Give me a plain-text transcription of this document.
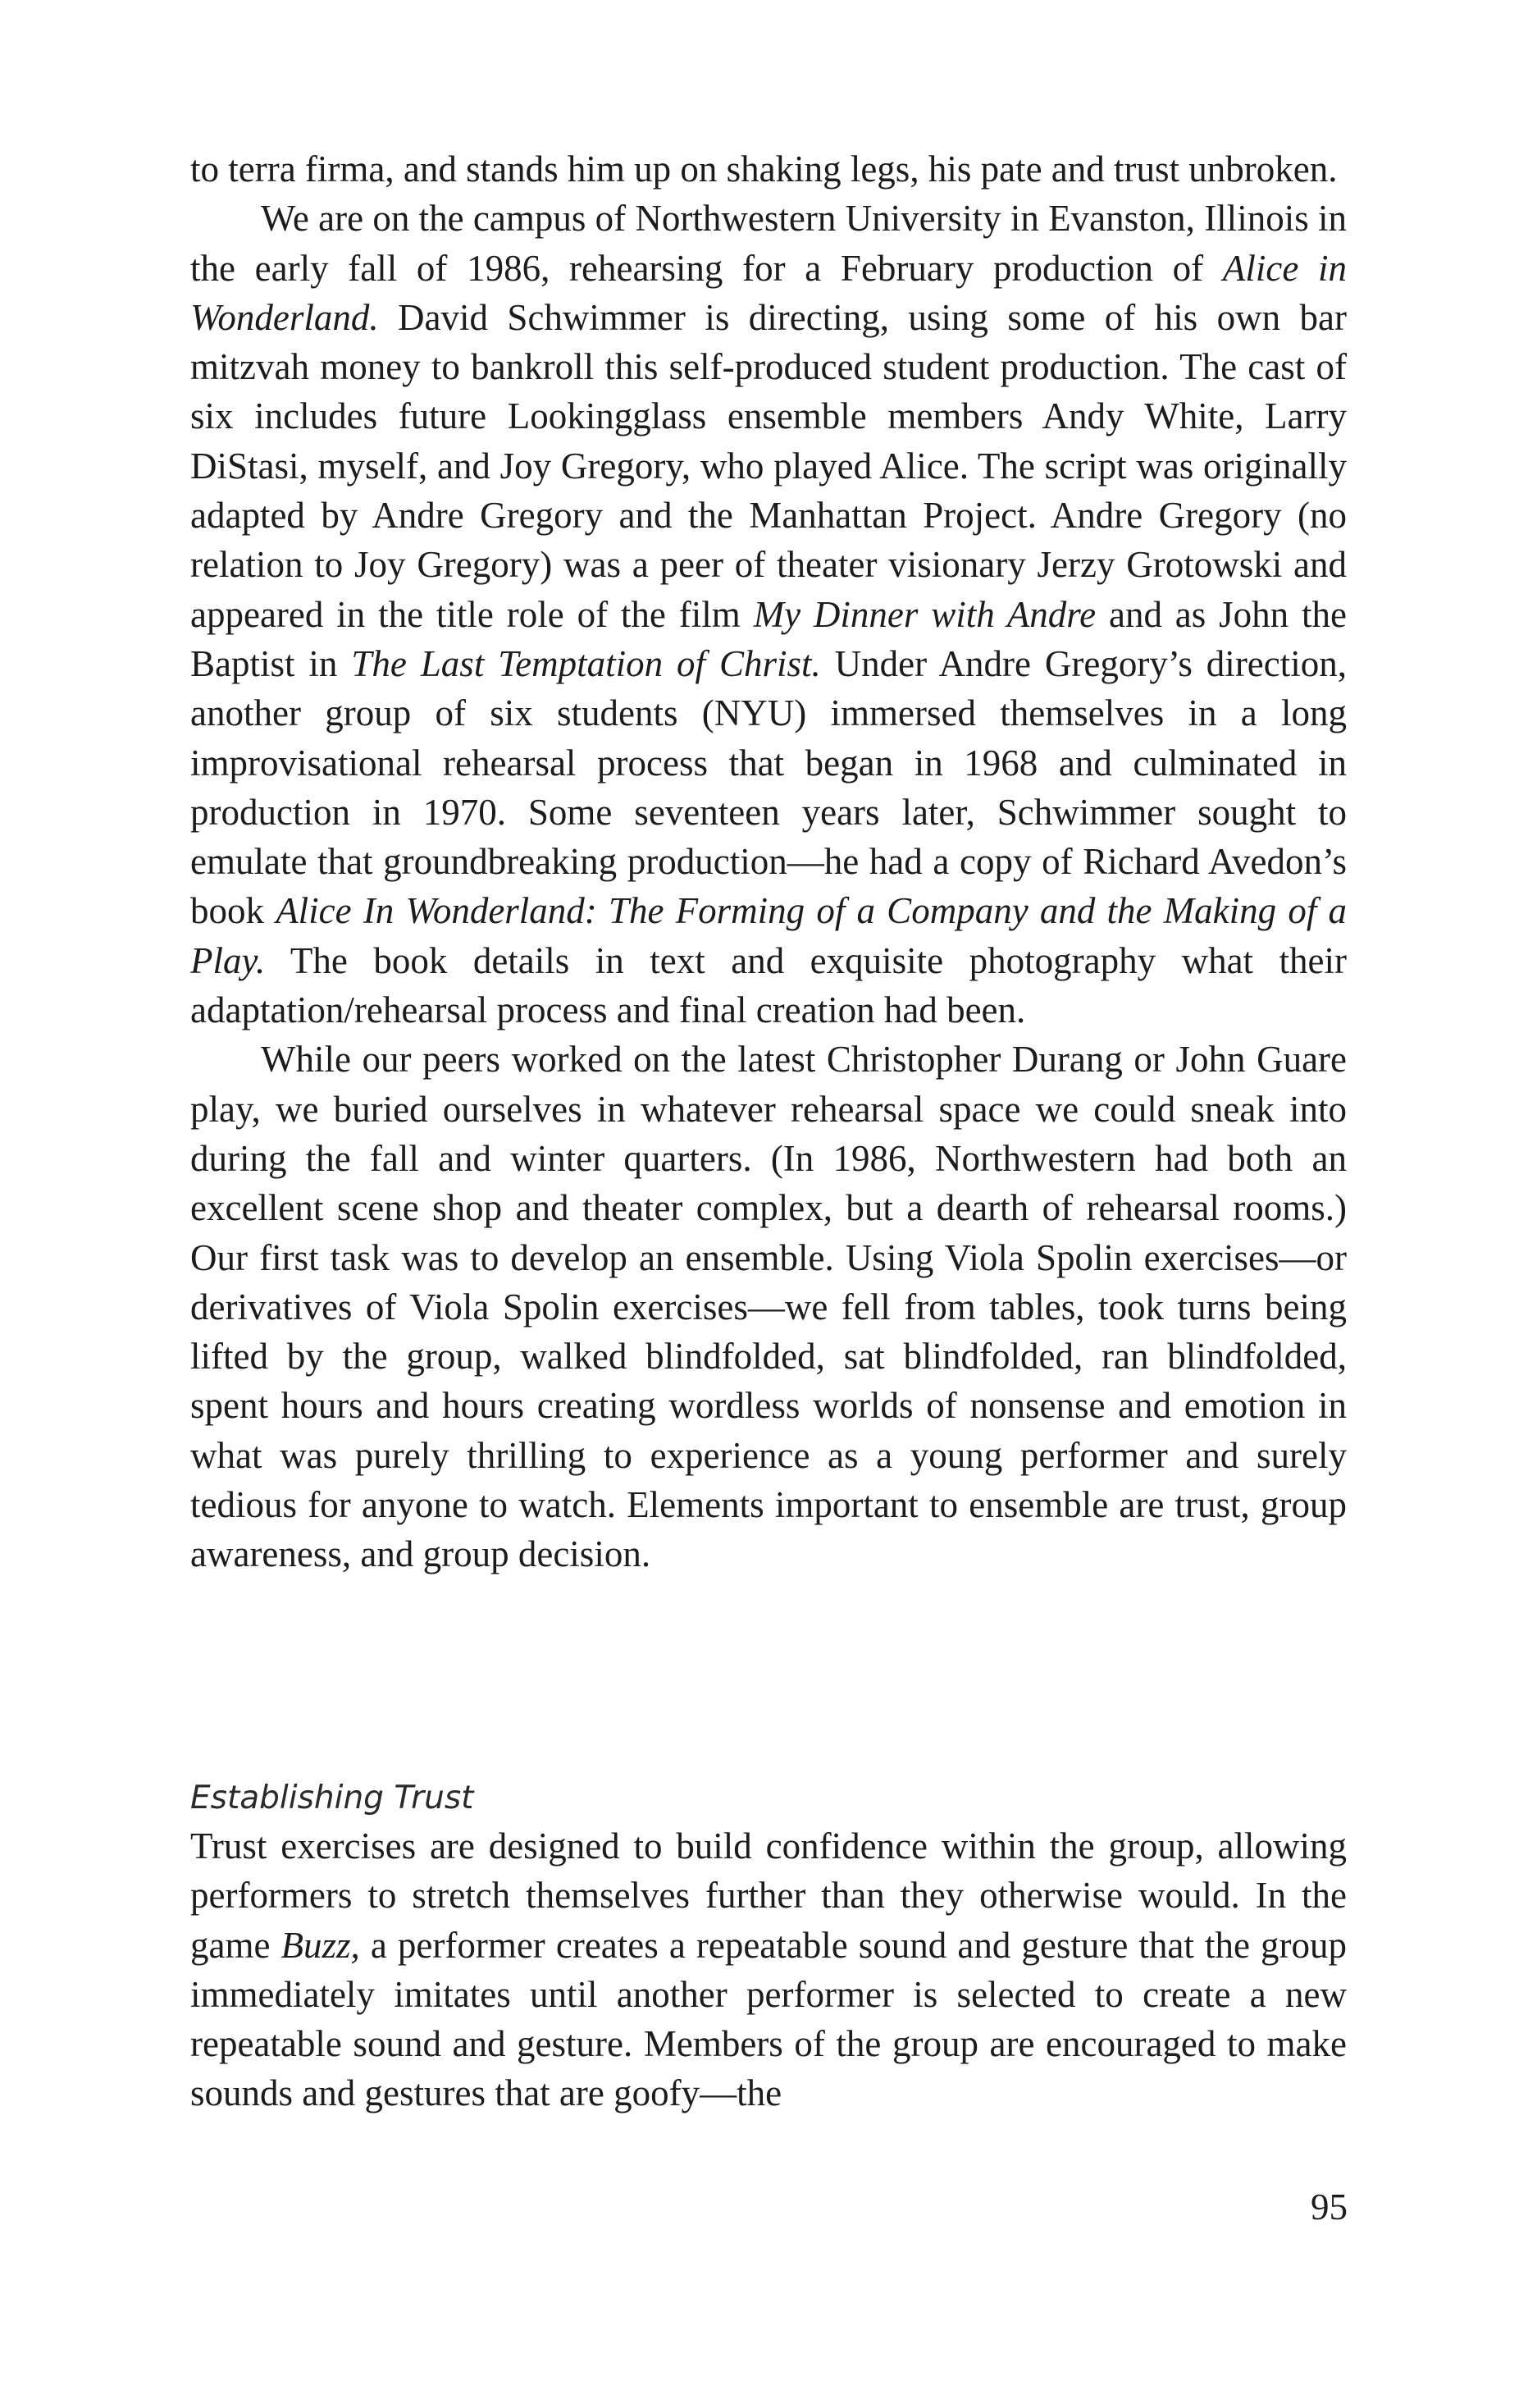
to terra firma, and stands him up on shaking legs, his pate and trust unbroken.

We are on the campus of Northwestern University in Evanston, Illinois in the early fall of 1986, rehearsing for a February production of Alice in Wonderland. David Schwimmer is directing, using some of his own bar mitzvah money to bankroll this self-produced student production. The cast of six includes future Lookingglass ensemble members Andy White, Larry DiStasi, myself, and Joy Gregory, who played Alice. The script was originally adapted by Andre Gregory and the Manhattan Project. Andre Gregory (no relation to Joy Gregory) was a peer of theater visionary Jerzy Grotowski and appeared in the title role of the film My Dinner with Andre and as John the Baptist in The Last Temptation of Christ. Under Andre Gregory’s direction, another group of six students (NYU) immersed themselves in a long improvisational rehearsal process that began in 1968 and culminated in production in 1970. Some seventeen years later, Schwimmer sought to emulate that groundbreaking production—he had a copy of Richard Avedon’s book Alice In Wonderland: The Forming of a Company and the Making of a Play. The book details in text and exquisite photography what their adaptation/rehearsal process and final creation had been.

While our peers worked on the latest Christopher Durang or John Guare play, we buried ourselves in whatever rehearsal space we could sneak into during the fall and winter quarters. (In 1986, Northwestern had both an excellent scene shop and theater complex, but a dearth of rehearsal rooms.) Our first task was to develop an ensemble. Using Viola Spolin exercises—or derivatives of Viola Spolin exercises—we fell from tables, took turns being lifted by the group, walked blindfolded, sat blindfolded, ran blindfolded, spent hours and hours creating wordless worlds of nonsense and emotion in what was purely thrilling to experience as a young performer and surely tedious for anyone to watch. Elements important to ensemble are trust, group awareness, and group decision.

Establishing Trust

Trust exercises are designed to build confidence within the group, allowing performers to stretch themselves further than they otherwise would. In the game Buzz, a performer creates a repeatable sound and gesture that the group immediately imitates until another performer is selected to create a new repeatable sound and gesture. Members of the group are encouraged to make sounds and gestures that are goofy—the

95
